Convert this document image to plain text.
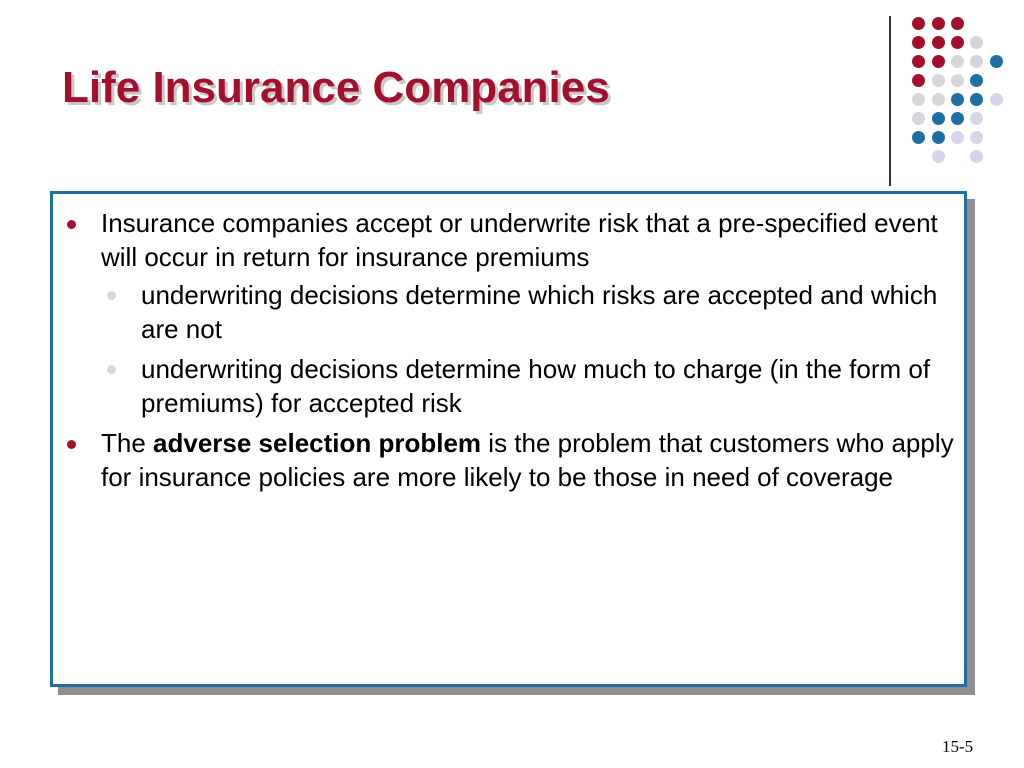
Life Insurance Companies
Insurance companies accept or underwrite risk that a pre-specified event will occur in return for insurance premiums
underwriting decisions determine which risks are accepted and which are not
underwriting decisions determine how much to charge (in the form of premiums) for accepted risk
The adverse selection problem is the problem that customers who apply for insurance policies are more likely to be those in need of coverage
15-5
